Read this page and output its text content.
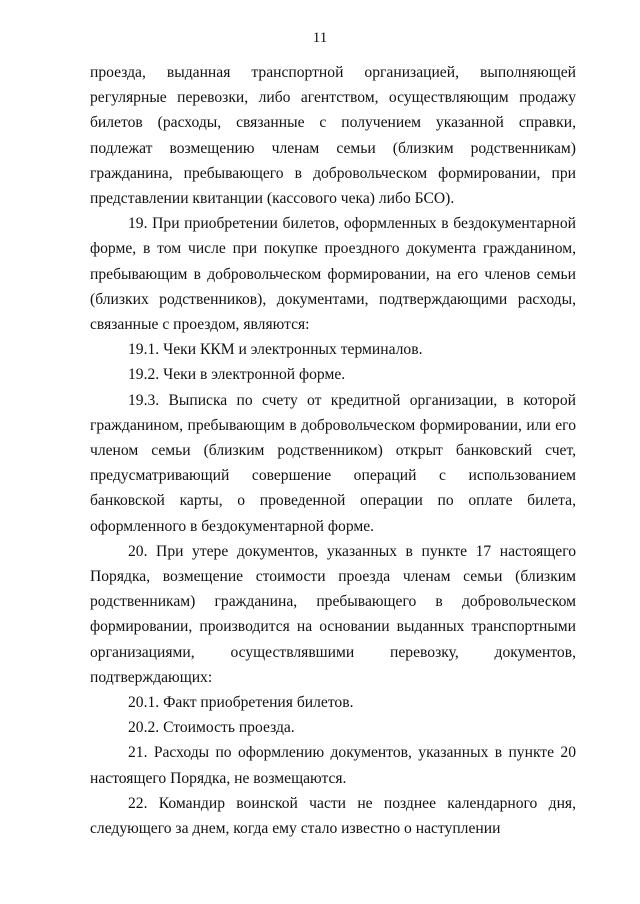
11

проезда, выданная транспортной организацией, выполняющей регулярные перевозки, либо агентством, осуществляющим продажу билетов (расходы, связанные с получением указанной справки, подлежат возмещению членам семьи (близким родственникам) гражданина, пребывающего в добровольческом формировании, при представлении квитанции (кассового чека) либо БСО).

19. При приобретении билетов, оформленных в бездокументарной форме, в том числе при покупке проездного документа гражданином, пребывающим в добровольческом формировании, на его членов семьи (близких родственников), документами, подтверждающими расходы, связанные с проездом, являются:

19.1. Чеки ККМ и электронных терминалов.

19.2. Чеки в электронной форме.

19.3. Выписка по счету от кредитной организации, в которой гражданином, пребывающим в добровольческом формировании, или его членом семьи (близким родственником) открыт банковский счет, предусматривающий совершение операций с использованием банковской карты, о проведенной операции по оплате билета, оформленного в бездокументарной форме.

20. При утере документов, указанных в пункте 17 настоящего Порядка, возмещение стоимости проезда членам семьи (близким родственникам) гражданина, пребывающего в добровольческом формировании, производится на основании выданных транспортными организациями, осуществлявшими перевозку, документов, подтверждающих:

20.1. Факт приобретения билетов.

20.2. Стоимость проезда.

21. Расходы по оформлению документов, указанных в пункте 20 настоящего Порядка, не возмещаются.

22. Командир воинской части не позднее календарного дня, следующего за днем, когда ему стало известно о наступлении
